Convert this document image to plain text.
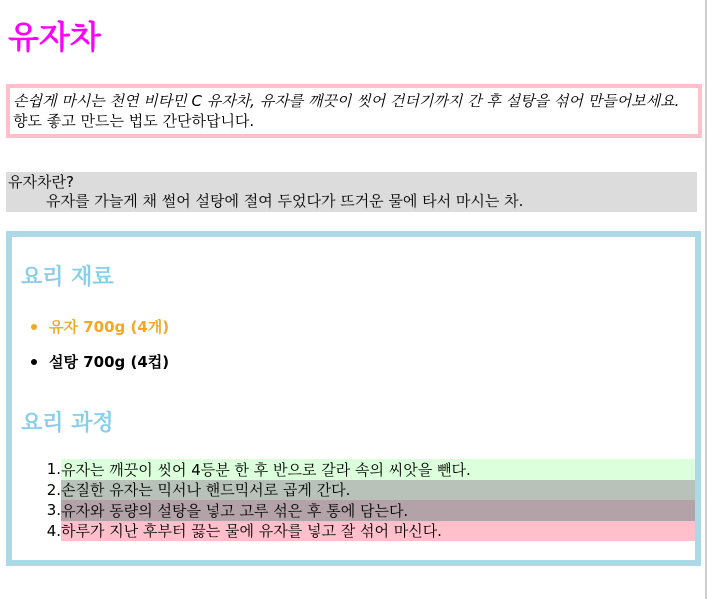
유자차
손쉽게 마시는 천연 비타민 C 유자차, 유자를 깨끗이 씻어 건더기까지 간 후 설탕을 섞어 만들어보세요.
향도 좋고 만드는 법도 간단하답니다.
유자차란?
유자를 가늘게 채 썰어 설탕에 절여 두었다가 뜨거운 물에 타서 마시는 차.
요리 재료
유자 700g (4개)
설탕 700g (4컵)
요리 과정
1. 유자는 깨끗이 씻어 4등분 한 후 반으로 갈라 속의 씨앗을 뺀다.
2. 손질한 유자는 믹서나 핸드믹서로 곱게 간다.
3. 유자와 동량의 설탕을 넣고 고루 섞은 후 통에 담는다.
4. 하루가 지난 후부터 끓는 물에 유자를 넣고 잘 섞어 마신다.
